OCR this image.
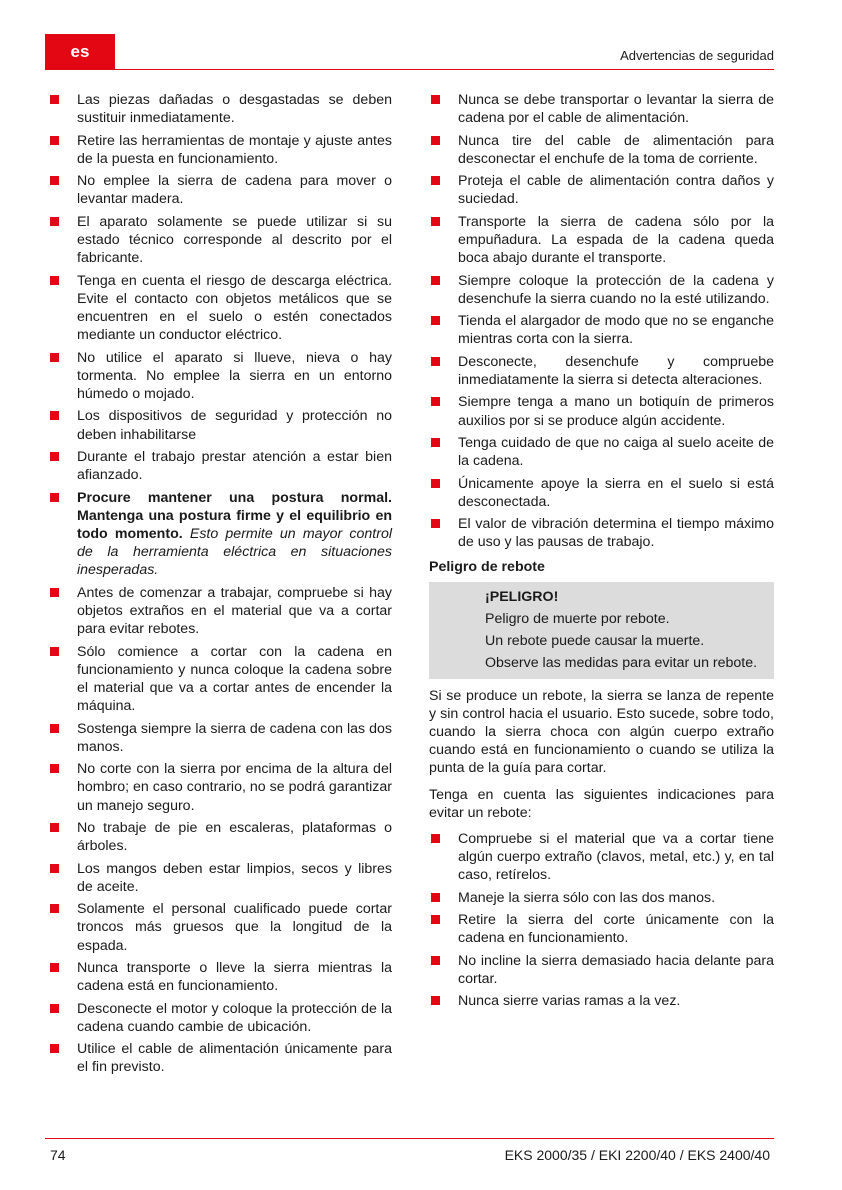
es	Advertencias de seguridad
Las piezas dañadas o desgastadas se deben sustituir inmediatamente.
Retire las herramientas de montaje y ajuste antes de la puesta en funcionamiento.
No emplee la sierra de cadena para mover o levantar madera.
El aparato solamente se puede utilizar si su estado técnico corresponde al descrito por el fabricante.
Tenga en cuenta el riesgo de descarga eléctrica. Evite el contacto con objetos metálicos que se encuentren en el suelo o estén conectados mediante un conductor eléctrico.
No utilice el aparato si llueve, nieva o hay tormenta. No emplee la sierra en un entorno húmedo o mojado.
Los dispositivos de seguridad y protección no deben inhabilitarse
Durante el trabajo prestar atención a estar bien afianzado.
Procure mantener una postura normal. Mantenga una postura firme y el equilibrio en todo momento. Esto permite un mayor control de la herramienta eléctrica en situaciones inesperadas.
Antes de comenzar a trabajar, compruebe si hay objetos extraños en el material que va a cortar para evitar rebotes.
Sólo comience a cortar con la cadena en funcionamiento y nunca coloque la cadena sobre el material que va a cortar antes de encender la máquina.
Sostenga siempre la sierra de cadena con las dos manos.
No corte con la sierra por encima de la altura del hombro; en caso contrario, no se podrá garantizar un manejo seguro.
No trabaje de pie en escaleras, plataformas o árboles.
Los mangos deben estar limpios, secos y libres de aceite.
Solamente el personal cualificado puede cortar troncos más gruesos que la longitud de la espada.
Nunca transporte o lleve la sierra mientras la cadena está en funcionamiento.
Desconecte el motor y coloque la protección de la cadena cuando cambie de ubicación.
Utilice el cable de alimentación únicamente para el fin previsto.
Nunca se debe transportar o levantar la sierra de cadena por el cable de alimentación.
Nunca tire del cable de alimentación para desconectar el enchufe de la toma de corriente.
Proteja el cable de alimentación contra daños y suciedad.
Transporte la sierra de cadena sólo por la empuñadura. La espada de la cadena queda boca abajo durante el transporte.
Siempre coloque la protección de la cadena y desenchufe la sierra cuando no la esté utilizando.
Tienda el alargador de modo que no se enganche mientras corta con la sierra.
Desconecte, desenchufe y compruebe inmediatamente la sierra si detecta alteraciones.
Siempre tenga a mano un botiquín de primeros auxilios por si se produce algún accidente.
Tenga cuidado de que no caiga al suelo aceite de la cadena.
Únicamente apoye la sierra en el suelo si está desconectada.
El valor de vibración determina el tiempo máximo de uso y las pausas de trabajo.
Peligro de rebote
¡PELIGRO!
Peligro de muerte por rebote.
Un rebote puede causar la muerte.
Observe las medidas para evitar un rebote.

Si se produce un rebote, la sierra se lanza de repente y sin control hacia el usuario. Esto sucede, sobre todo, cuando la sierra choca con algún cuerpo extraño cuando está en funcionamiento o cuando se utiliza la punta de la guía para cortar.

Tenga en cuenta las siguientes indicaciones para evitar un rebote:

Compruebe si el material que va a cortar tiene algún cuerpo extraño (clavos, metal, etc.) y, en tal caso, retírelos.
Maneje la sierra sólo con las dos manos.
Retire la sierra del corte únicamente con la cadena en funcionamiento.
No incline la sierra demasiado hacia delante para cortar.
Nunca sierre varias ramas a la vez.
74	EKS 2000/35 / EKI 2200/40 / EKS 2400/40
